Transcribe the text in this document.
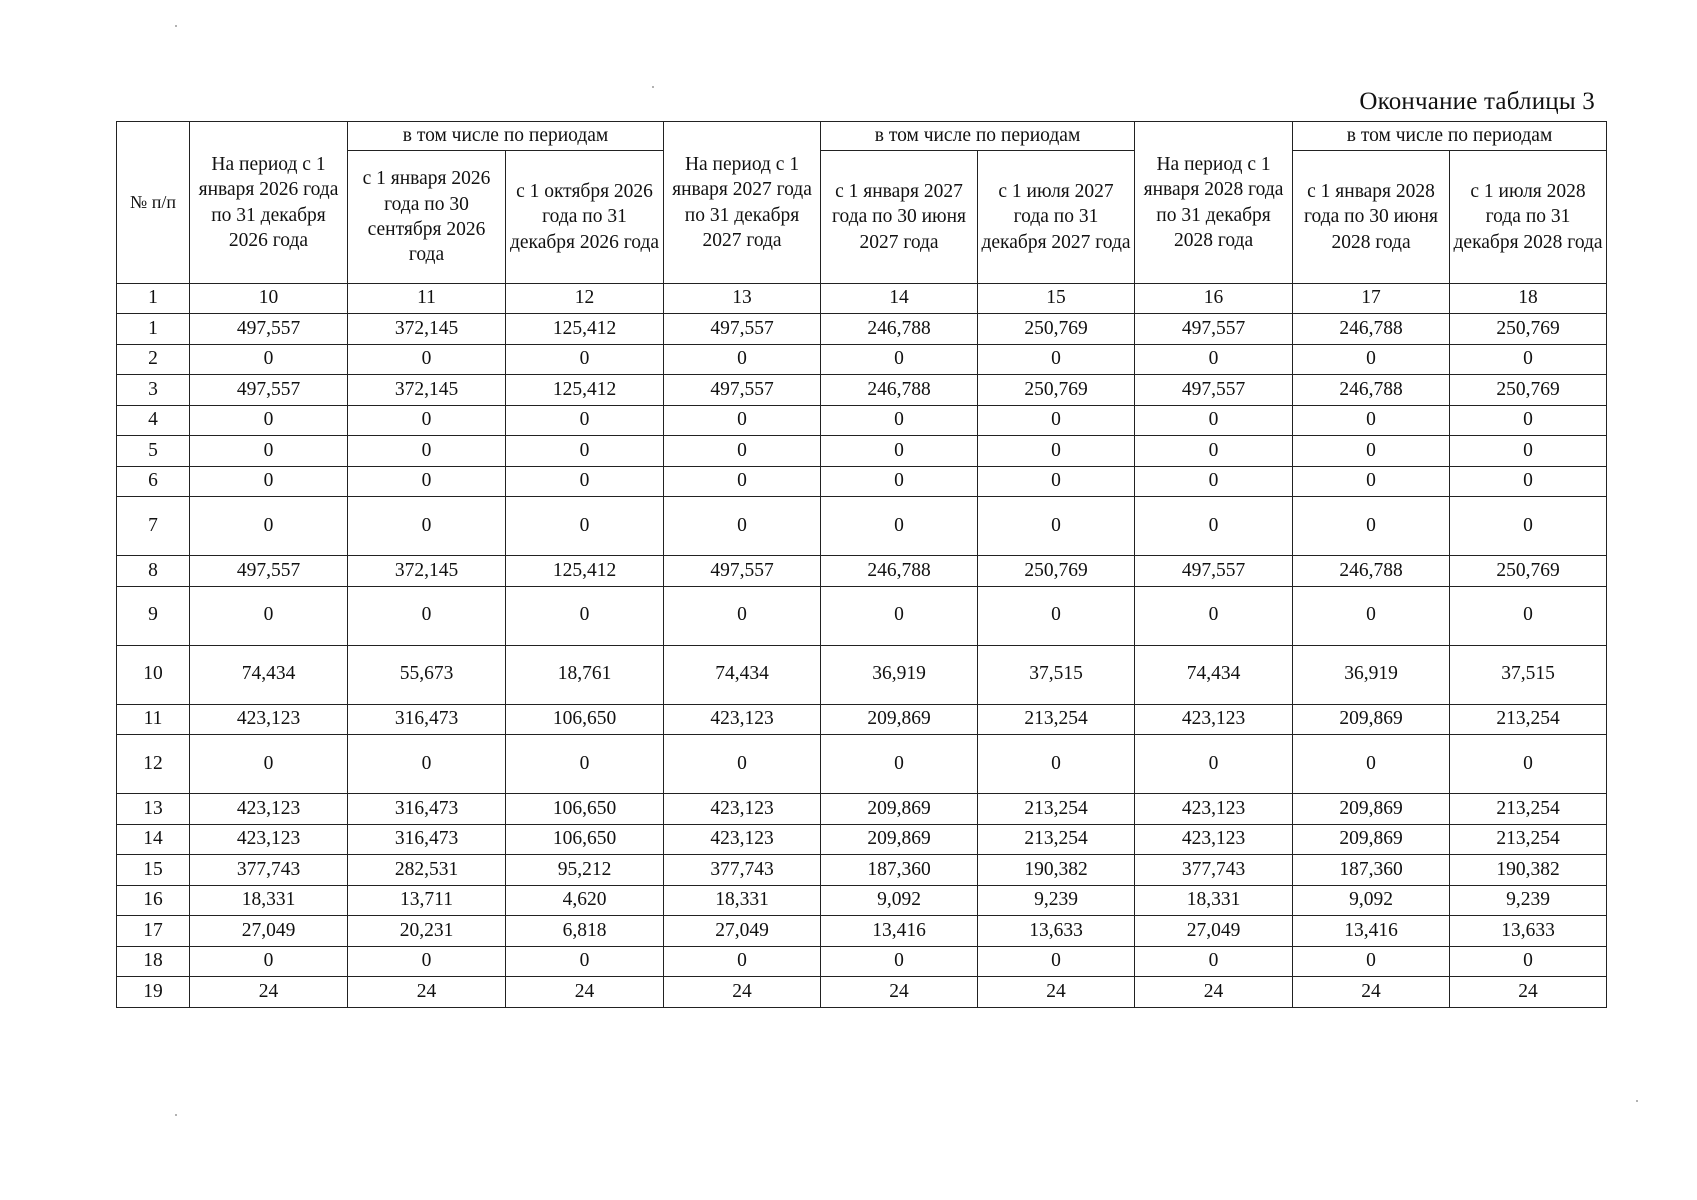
Окончание таблицы 3
№ п/п	На период с 1 января 2026 года по 31 декабря 2026 года	в том числе по периодам		На период с 1 января 2027 года по 31 декабря 2027 года	в том числе по периодам		На период с 1 января 2028 года по 31 декабря 2028 года	в том числе по периодам	
		с 1 января 2026 года по 30 сентября 2026 года	с 1 октября 2026 года по 31 декабря 2026 года		с 1 января 2027 года по 30 июня 2027 года	с 1 июля 2027 года по 31 декабря 2027 года		с 1 января 2028 года по 30 июня 2028 года	с 1 июля 2028 года по 31 декабря 2028 года
1	10	11	12	13	14	15	16	17	18
1	497,557	372,145	125,412	497,557	246,788	250,769	497,557	246,788	250,769
2	0	0	0	0	0	0	0	0	0
3	497,557	372,145	125,412	497,557	246,788	250,769	497,557	246,788	250,769
4	0	0	0	0	0	0	0	0	0
5	0	0	0	0	0	0	0	0	0
6	0	0	0	0	0	0	0	0	0
7	0	0	0	0	0	0	0	0	0
8	497,557	372,145	125,412	497,557	246,788	250,769	497,557	246,788	250,769
9	0	0	0	0	0	0	0	0	0
10	74,434	55,673	18,761	74,434	36,919	37,515	74,434	36,919	37,515
11	423,123	316,473	106,650	423,123	209,869	213,254	423,123	209,869	213,254
12	0	0	0	0	0	0	0	0	0
13	423,123	316,473	106,650	423,123	209,869	213,254	423,123	209,869	213,254
14	423,123	316,473	106,650	423,123	209,869	213,254	423,123	209,869	213,254
15	377,743	282,531	95,212	377,743	187,360	190,382	377,743	187,360	190,382
16	18,331	13,711	4,620	18,331	9,092	9,239	18,331	9,092	9,239
17	27,049	20,231	6,818	27,049	13,416	13,633	27,049	13,416	13,633
18	0	0	0	0	0	0	0	0	0
19	24	24	24	24	24	24	24	24	24
